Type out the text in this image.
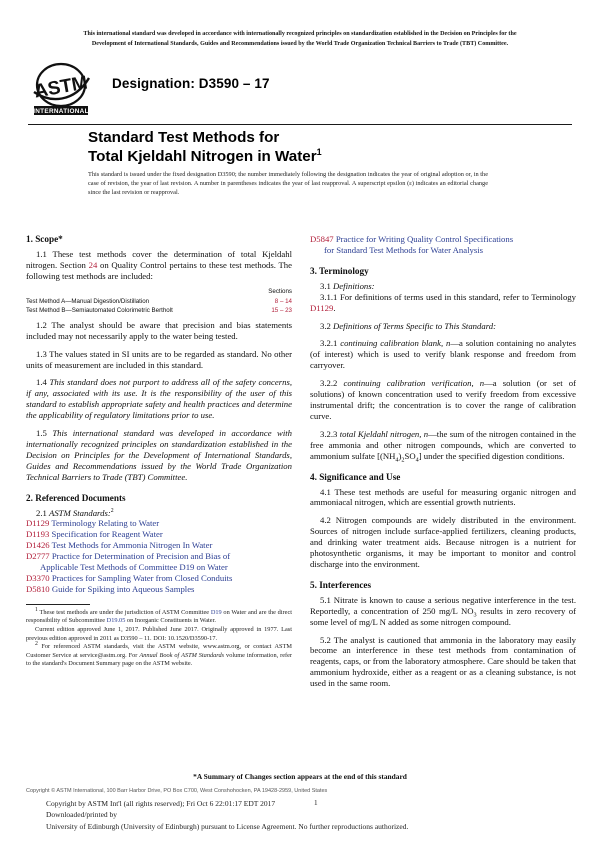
This international standard was developed in accordance with internationally recognized principles on standardization established in the Decision on Principles for the
Development of International Standards, Guides and Recommendations issued by the World Trade Organization Technical Barriers to Trade (TBT) Committee.
ASTM
INTERNATIONAL
Designation: D3590 – 17
Standard Test Methods for
Total Kjeldahl Nitrogen in Water$^1$
This standard is issued under the fixed designation D3590; the number immediately following the designation indicates the year of original adoption or, in the case of revision, the year of last revision. A number in parentheses indicates the year of last reapproval. A superscript epsilon (ε) indicates an editorial change since the last revision or reapproval.
1. Scope*

1.1 These test methods cover the determination of total Kjeldahl nitrogen. Section 24 on Quality Control pertains to these test methods. The following test methods are included:

	Sections
Test Method A—Manual Digestion/Distillation	8 – 14
Test Method B—Semiautomated Colorimetric Bertholt	15 – 23

1.2 The analyst should be aware that precision and bias statements included may not necessarily apply to the water being tested.

1.3 The values stated in SI units are to be regarded as standard. No other units of measurement are included in this standard.

1.4 This standard does not purport to address all of the safety concerns, if any, associated with its use. It is the responsibility of the user of this standard to establish appropriate safety and health practices and determine the applicability of regulatory limitations prior to use.

1.5 This international standard was developed in accordance with internationally recognized principles on standardization established in the Decision on Principles for the Development of International Standards, Guides and Recommendations issued by the World Trade Organization Technical Barriers to Trade (TBT) Committee.

2. Referenced Documents

2.1 ASTM Standards:$^2$

D1129 Terminology Relating to Water

D1193 Specification for Reagent Water

D1426 Test Methods for Ammonia Nitrogen In Water

D2777 Practice for Determination of Precision and Bias of

Applicable Test Methods of Committee D19 on Water

D3370 Practices for Sampling Water from Closed Conduits

D5810 Guide for Spiking into Aqueous Samples

$^1$ These test methods are under the jurisdiction of ASTM Committee D19 on Water and are the direct responsibility of Subcommittee D19.05 on Inorganic Constituents in Water.

Current edition approved June 1, 2017. Published June 2017. Originally approved in 1977. Last previous edition approved in 2011 as D3590 – 11. DOI: 10.1520/D3590-17.

$^2$ For referenced ASTM standards, visit the ASTM website, www.astm.org, or contact ASTM Customer Service at service@astm.org. For Annual Book of ASTM Standards volume information, refer to the standard's Document Summary page on the ASTM website.

D5847 Practice for Writing Quality Control Specifications

for Standard Test Methods for Water Analysis

3. Terminology

3.1 Definitions:

3.1.1 For definitions of terms used in this standard, refer to Terminology D1129.

3.2 Definitions of Terms Specific to This Standard:

3.2.1 continuing calibration blank, n—a solution containing no analytes (of interest) which is used to verify blank response and freedom from carryover.

3.2.2 continuing calibration verification, n—a solution (or set of solutions) of known concentration used to verify freedom from excessive instrumental drift; the concentration is to cover the range of calibration curve.

3.2.3 total Kjeldahl nitrogen, n—the sum of the nitrogen contained in the free ammonia and other nitrogen compounds, which are converted to ammonium sulfate $[(NH_4)_2SO_4]$ under the specified digestion conditions.

4. Significance and Use

4.1 These test methods are useful for measuring organic nitrogen and ammoniacal nitrogen, which are essential growth nutrients.

4.2 Nitrogen compounds are widely distributed in the environment. Sources of nitrogen include surface-applied fertilizers, cleaning products, and drinking water treatment aids. Because nitrogen is a nutrient for photosynthetic organisms, it may be important to monitor and control discharge into the environment.

5. Interferences

5.1 Nitrate is known to cause a serious negative interference in the test. Reportedly, a concentration of 250 mg/L $NO_3$ results in zero recovery of some level of mg/L N added as some nitrogen compound.

5.2 The analyst is cautioned that ammonia in the laboratory may easily become an interference in these test methods from contamination of reagents, caps, or from the laboratory atmosphere. Care should be taken that ammonium hydroxide, either as a reagent or as a cleaning substance, is not used in the same room.

*A Summary of Changes section appears at the end of this standard
Copyright © ASTM International, 100 Barr Harbor Drive, PO Box C700, West Conshohocken, PA 19428-2959, United States
Copyright by ASTM Int'l (all rights reserved); Fri Oct 6 22:01:17 EDT 2017	1
Downloaded/printed by
University of Edinburgh (University of Edinburgh) pursuant to License Agreement. No further reproductions authorized.
